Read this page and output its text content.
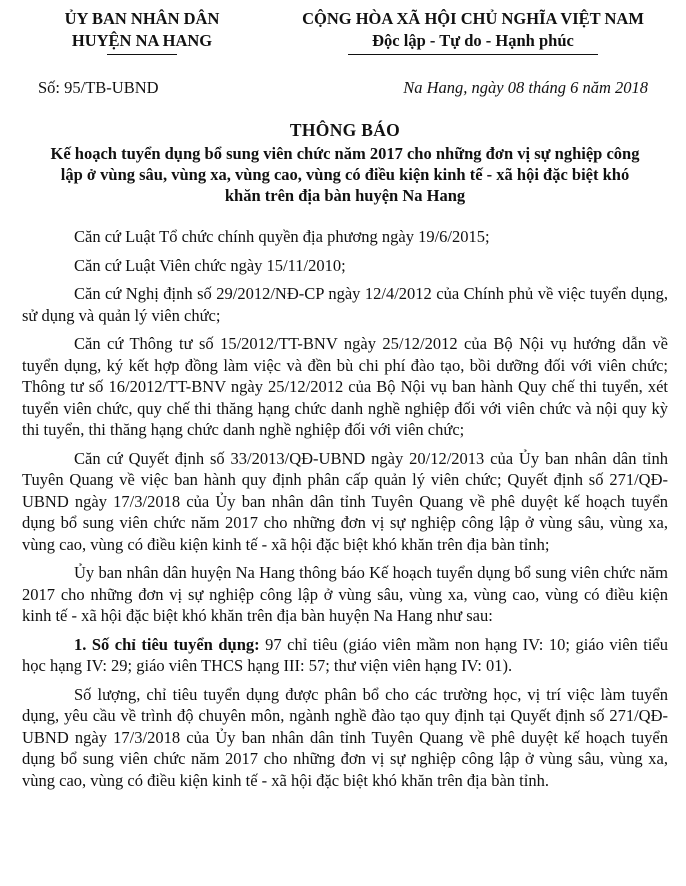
ỦY BAN NHÂN DÂN
HUYỆN NA HANG
CỘNG HÒA XÃ HỘI CHỦ NGHĨA VIỆT NAM
Độc lập - Tự do - Hạnh phúc
Số: 95/TB-UBND	Na Hang, ngày 08 tháng 6 năm 2018
THÔNG BÁO
Kế hoạch tuyển dụng bổ sung viên chức năm 2017 cho những đơn vị sự nghiệp công lập ở vùng sâu, vùng xa, vùng cao, vùng có điều kiện kinh tế - xã hội đặc biệt khó khăn trên địa bàn huyện Na Hang

Căn cứ Luật Tổ chức chính quyền địa phương ngày 19/6/2015;

Căn cứ Luật Viên chức ngày 15/11/2010;

Căn cứ Nghị định số 29/2012/NĐ-CP ngày 12/4/2012 của Chính phủ về việc tuyển dụng, sử dụng và quản lý viên chức;

Căn cứ Thông tư số 15/2012/TT-BNV ngày 25/12/2012 của Bộ Nội vụ hướng dẫn về tuyển dụng, ký kết hợp đồng làm việc và đền bù chi phí đào tạo, bồi dưỡng đối với viên chức; Thông tư số 16/2012/TT-BNV ngày 25/12/2012 của Bộ Nội vụ ban hành Quy chế thi tuyển, xét tuyển viên chức, quy chế thi thăng hạng chức danh nghề nghiệp đối với viên chức và nội quy kỳ thi tuyển, thi thăng hạng chức danh nghề nghiệp đối với viên chức;

Căn cứ Quyết định số 33/2013/QĐ-UBND ngày 20/12/2013 của Ủy ban nhân dân tỉnh Tuyên Quang về việc ban hành quy định phân cấp quản lý viên chức; Quyết định số 271/QĐ-UBND ngày 17/3/2018 của Ủy ban nhân dân tỉnh Tuyên Quang về phê duyệt kế hoạch tuyển dụng bổ sung viên chức năm 2017 cho những đơn vị sự nghiệp công lập ở vùng sâu, vùng xa, vùng cao, vùng có điều kiện kinh tế - xã hội đặc biệt khó khăn trên địa bàn tỉnh;

Ủy ban nhân dân huyện Na Hang thông báo Kế hoạch tuyển dụng bổ sung viên chức năm 2017 cho những đơn vị sự nghiệp công lập ở vùng sâu, vùng xa, vùng cao, vùng có điều kiện kinh tế - xã hội đặc biệt khó khăn trên địa bàn huyện Na Hang như sau:

1. Số chỉ tiêu tuyển dụng: 97 chỉ tiêu (giáo viên mầm non hạng IV: 10; giáo viên tiểu học hạng IV: 29; giáo viên THCS hạng III: 57; thư viện viên hạng IV: 01).

Số lượng, chỉ tiêu tuyển dụng được phân bổ cho các trường học, vị trí việc làm tuyển dụng, yêu cầu về trình độ chuyên môn, ngành nghề đào tạo quy định tại Quyết định số 271/QĐ-UBND ngày 17/3/2018 của Ủy ban nhân dân tỉnh Tuyên Quang về phê duyệt kế hoạch tuyển dụng bổ sung viên chức năm 2017 cho những đơn vị sự nghiệp công lập ở vùng sâu, vùng xa, vùng cao, vùng có điều kiện kinh tế - xã hội đặc biệt khó khăn trên địa bàn tỉnh.
